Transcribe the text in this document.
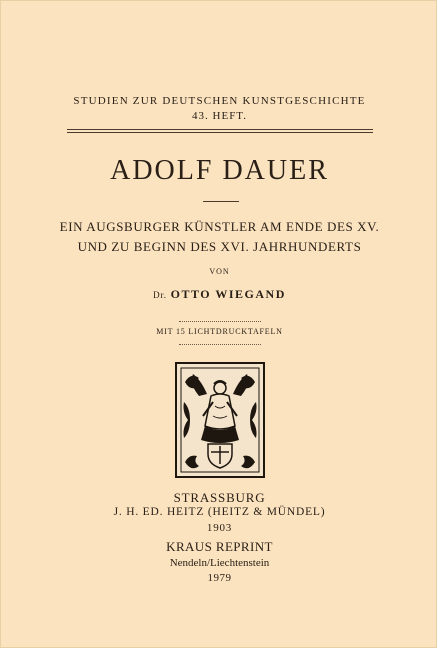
STUDIEN ZUR DEUTSCHEN KUNSTGESCHICHTE
43. HEFT.
ADOLF DAUER
EIN AUGSBURGER KÜNSTLER AM ENDE DES XV.
UND ZU BEGINN DES XVI. JAHRHUNDERTS
VON
Dr. OTTO WIEGAND
MIT 15 LICHTDRUCKTAFELN
STRASSBURG
J. H. ED. HEITZ (HEITZ & MÜNDEL)
1903
KRAUS REPRINT
Nendeln/Liechtenstein
1979
